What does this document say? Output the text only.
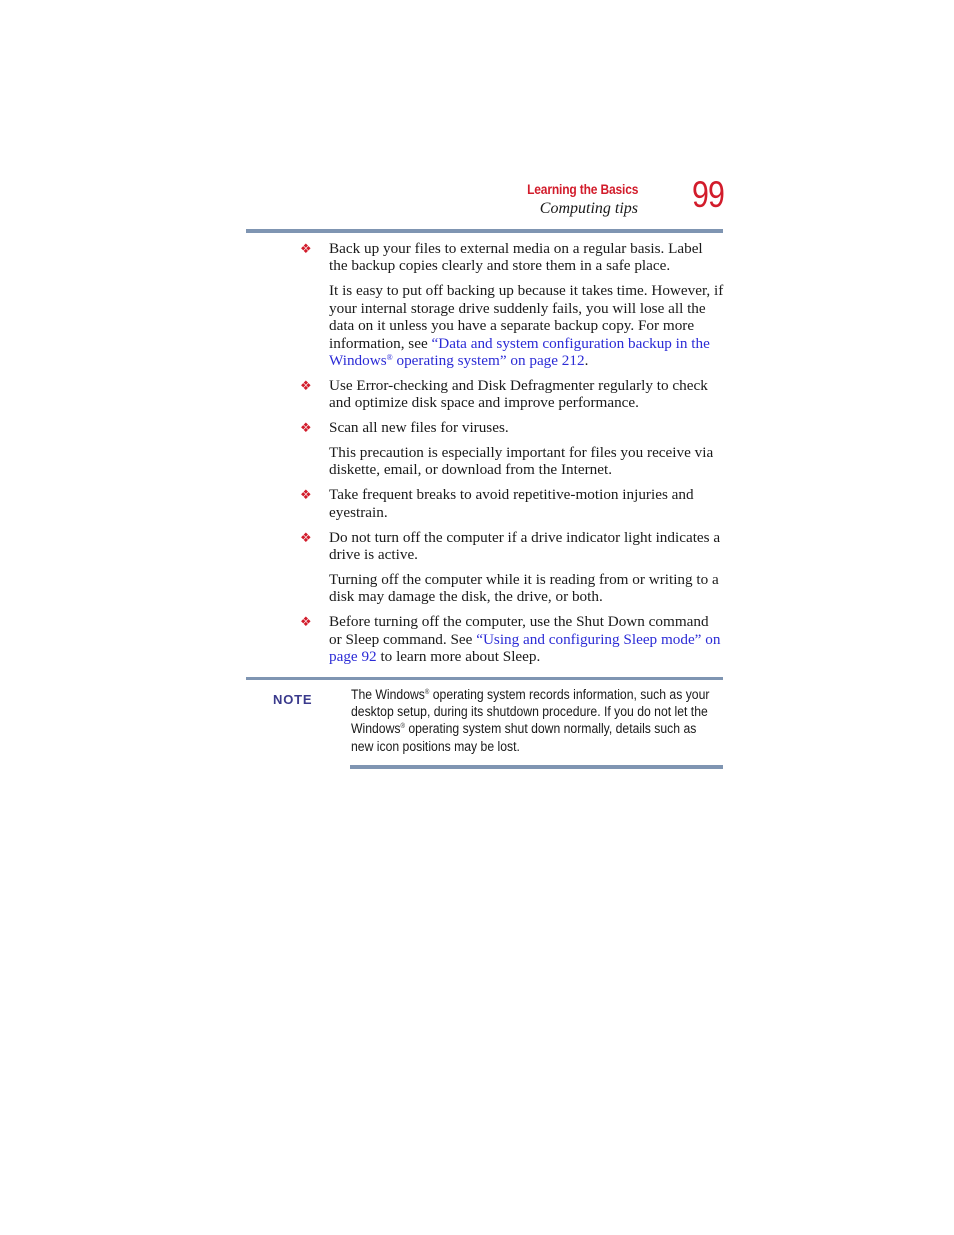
Learning the Basics
Computing tips 99
❖ Back up your files to external media on a regular basis. Label the backup copies clearly and store them in a safe place.
It is easy to put off backing up because it takes time. However, if your internal storage drive suddenly fails, you will lose all the data on it unless you have a separate backup copy. For more information, see “Data and system configuration backup in the Windows® operating system” on page 212.
❖ Use Error-checking and Disk Defragmenter regularly to check and optimize disk space and improve performance.
❖ Scan all new files for viruses.
This precaution is especially important for files you receive via diskette, email, or download from the Internet.
❖ Take frequent breaks to avoid repetitive-motion injuries and eyestrain.
❖ Do not turn off the computer if a drive indicator light indicates a drive is active.
Turning off the computer while it is reading from or writing to a disk may damage the disk, the drive, or both.
❖ Before turning off the computer, use the Shut Down command or Sleep command. See “Using and configuring Sleep mode” on page 92 to learn more about Sleep.
NOTE	The Windows® operating system records information, such as your desktop setup, during its shutdown procedure. If you do not let the Windows® operating system shut down normally, details such as new icon positions may be lost.
